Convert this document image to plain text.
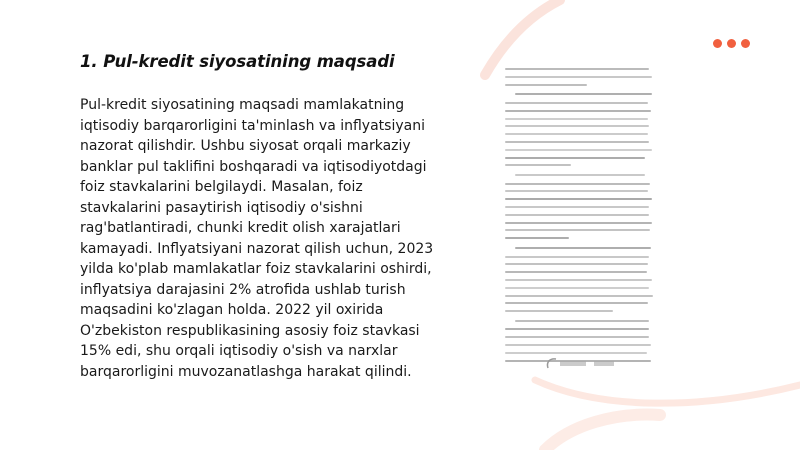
1. Pul-kredit siyosatining maqsadi

Pul-kredit siyosatining maqsadi mamlakatning iqtisodiy barqarorligini ta'minlash va inflyatsiyani nazorat qilishdir. Ushbu siyosat orqali markaziy banklar pul taklifini boshqaradi va iqtisodiyotdagi foiz stavkalarini belgilaydi. Masalan, foiz stavkalarini pasaytirish iqtisodiy o'sishni rag'batlantiradi, chunki kredit olish xarajatlari kamayadi. Inflyatsiyani nazorat qilish uchun, 2023 yilda ko'plab mamlakatlar foiz stavkalarini oshirdi, inflyatsiya darajasini 2% atrofida ushlab turish maqsadini ko'zlagan holda. 2022 yil oxirida O'zbekiston respublikasining asosiy foiz stavkasi 15% edi, shu orqali iqtisodiy o'sish va narxlar barqarorligini muvozanatlashga harakat qilindi.
